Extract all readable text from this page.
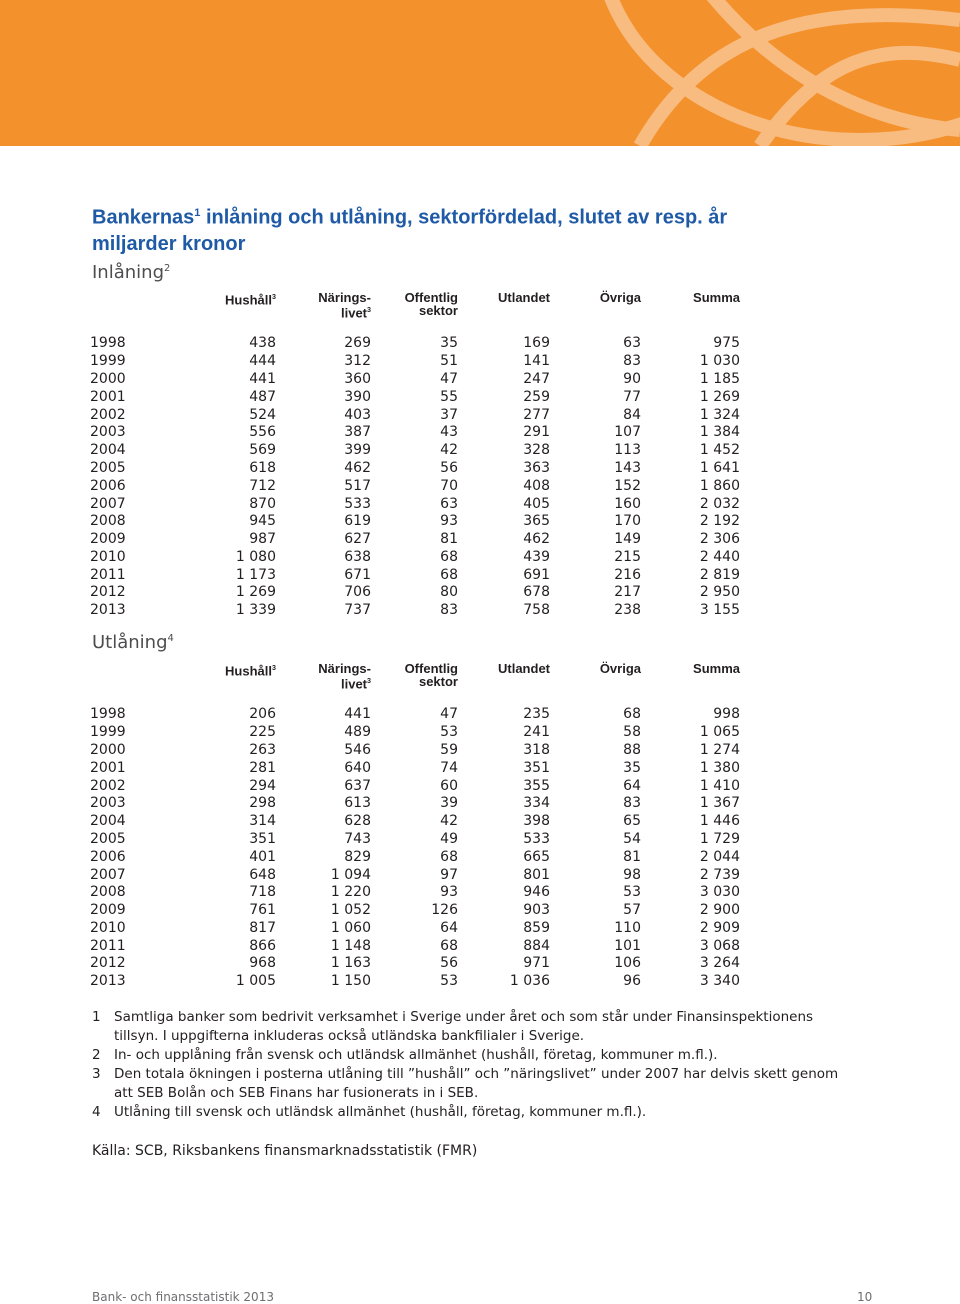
Bankernas$^1$ inlåning och utlåning, sektorfördelad, slutet av resp. år
miljarder kronor
Inlåning$^2$
	Hushåll$^3$	Närings-
livet$^3$	Offentlig
sektor	Utlandet	Övriga	Summa
1998	438	269	35	169	63	975
1999	444	312	51	141	83	1 030
2000	441	360	47	247	90	1 185
2001	487	390	55	259	77	1 269
2002	524	403	37	277	84	1 324
2003	556	387	43	291	107	1 384
2004	569	399	42	328	113	1 452
2005	618	462	56	363	143	1 641
2006	712	517	70	408	152	1 860
2007	870	533	63	405	160	2 032
2008	945	619	93	365	170	2 192
2009	987	627	81	462	149	2 306
2010	1 080	638	68	439	215	2 440
2011	1 173	671	68	691	216	2 819
2012	1 269	706	80	678	217	2 950
2013	1 339	737	83	758	238	3 155
Utlåning$^4$
	Hushåll$^3$	Närings-
livet$^3$	Offentlig
sektor	Utlandet	Övriga	Summa
1998	206	441	47	235	68	998
1999	225	489	53	241	58	1 065
2000	263	546	59	318	88	1 274
2001	281	640	74	351	35	1 380
2002	294	637	60	355	64	1 410
2003	298	613	39	334	83	1 367
2004	314	628	42	398	65	1 446
2005	351	743	49	533	54	1 729
2006	401	829	68	665	81	2 044
2007	648	1 094	97	801	98	2 739
2008	718	1 220	93	946	53	3 030
2009	761	1 052	126	903	57	2 900
2010	817	1 060	64	859	110	2 909
2011	866	1 148	68	884	101	3 068
2012	968	1 163	56	971	106	3 264
2013	1 005	1 150	53	1 036	96	3 340
1 Samtliga banker som bedrivit verksamhet i Sverige under året och som står under Finansinspektionens tillsyn. I uppgifterna inkluderas också utländska bankfilialer i Sverige.
2 In- och upplåning från svensk och utländsk allmänhet (hushåll, företag, kommuner m.fl.).
3 Den totala ökningen i posterna utlåning till ”hushåll” och ”näringslivet” under 2007 har delvis skett genom att SEB Bolån och SEB Finans har fusionerats in i SEB.
4 Utlåning till svensk och utländsk allmänhet (hushåll, företag, kommuner m.fl.).
Källa: SCB, Riksbankens finansmarknadsstatistik (FMR)
Bank- och finansstatistik 2013	10
